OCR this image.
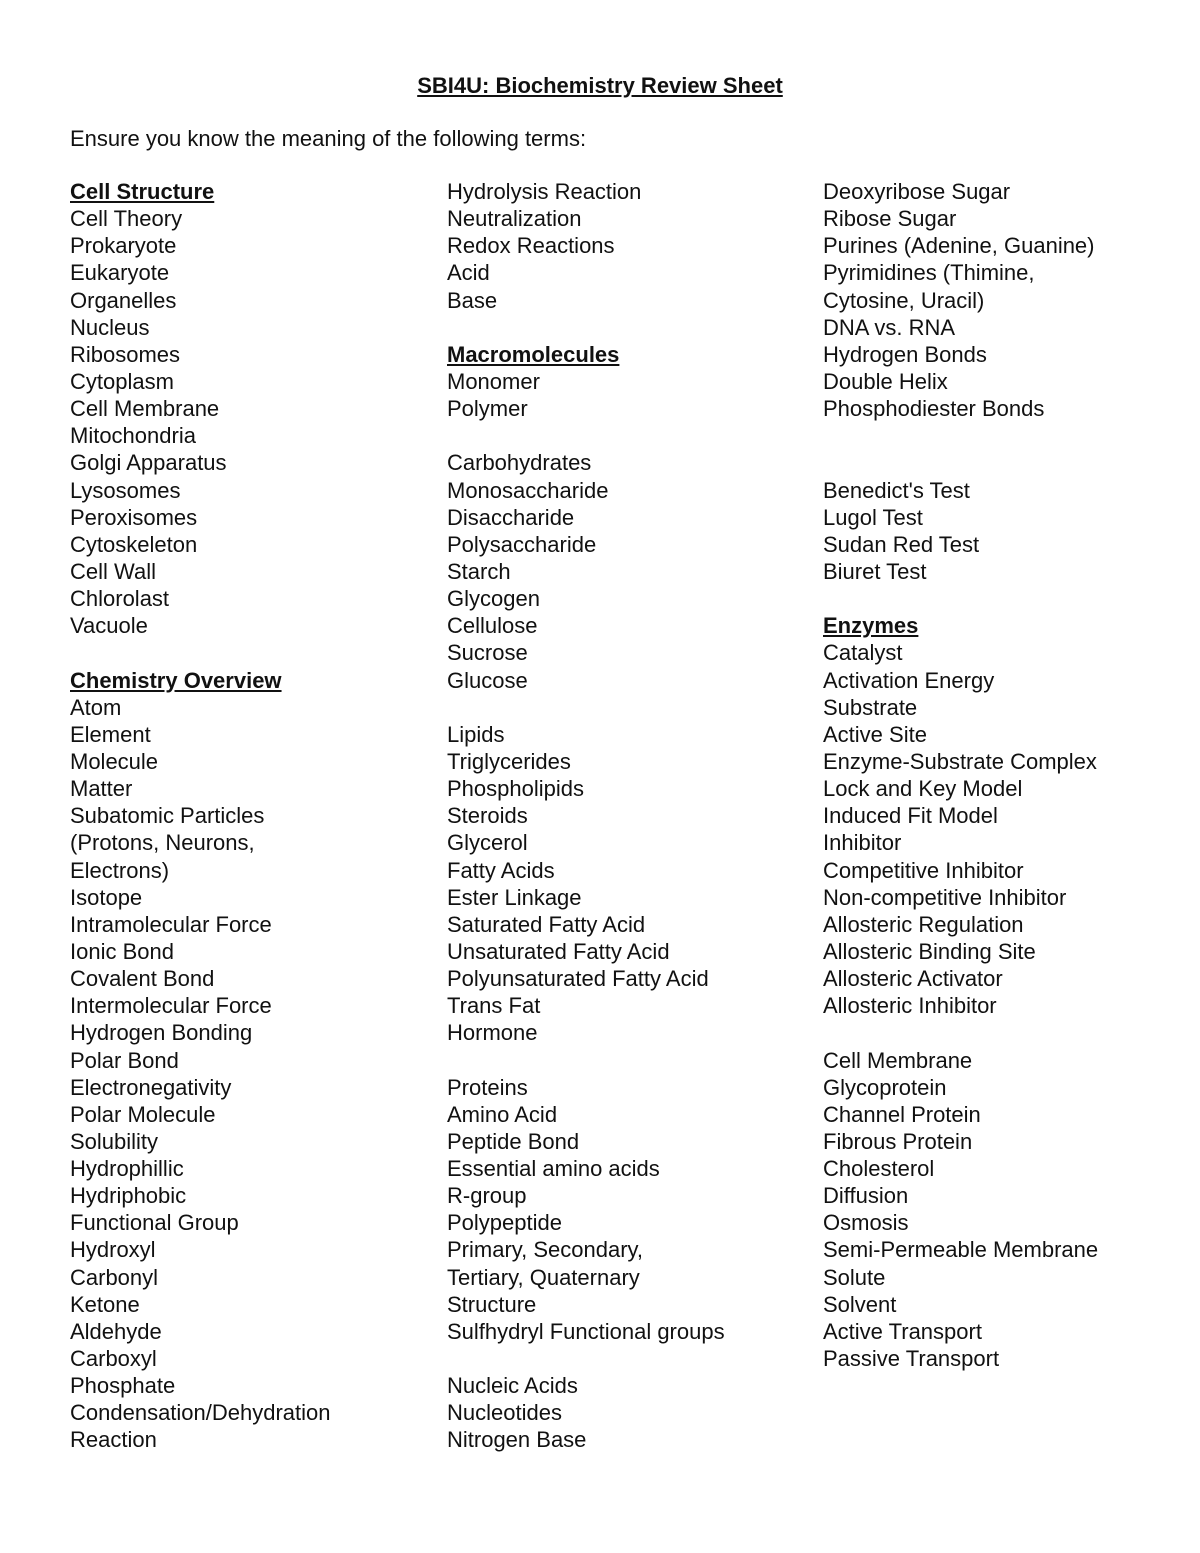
SBI4U: Biochemistry Review Sheet

Ensure you know the meaning of the following terms:

Cell Structure
Cell Theory
Prokaryote
Eukaryote
Organelles
Nucleus
Ribosomes
Cytoplasm
Cell Membrane
Mitochondria
Golgi Apparatus
Lysosomes
Peroxisomes
Cytoskeleton
Cell Wall
Chlorolast
Vacuole
Chemistry Overview
Atom
Element
Molecule
Matter
Subatomic Particles
(Protons, Neurons,
Electrons)
Isotope
Intramolecular Force
Ionic Bond
Covalent Bond
Intermolecular Force
Hydrogen Bonding
Polar Bond
Electronegativity
Polar Molecule
Solubility
Hydrophillic
Hydriphobic
Functional Group
Hydroxyl
Carbonyl
Ketone
Aldehyde
Carboxyl
Phosphate
Condensation/Dehydration
Reaction
Hydrolysis Reaction
Neutralization
Redox Reactions
Acid
Base
Macromolecules
Monomer
Polymer
Carbohydrates
Monosaccharide
Disaccharide
Polysaccharide
Starch
Glycogen
Cellulose
Sucrose
Glucose
Lipids
Triglycerides
Phospholipids
Steroids
Glycerol
Fatty Acids
Ester Linkage
Saturated Fatty Acid
Unsaturated Fatty Acid
Polyunsaturated Fatty Acid
Trans Fat
Hormone
Proteins
Amino Acid
Peptide Bond
Essential amino acids
R-group
Polypeptide
Primary, Secondary,
Tertiary, Quaternary
Structure
Sulfhydryl Functional groups
Nucleic Acids
Nucleotides
Nitrogen Base
Deoxyribose Sugar
Ribose Sugar
Purines (Adenine, Guanine)
Pyrimidines (Thimine,
Cytosine, Uracil)
DNA vs. RNA
Hydrogen Bonds
Double Helix
Phosphodiester Bonds
Benedict's Test
Lugol Test
Sudan Red Test
Biuret Test
Enzymes
Catalyst
Activation Energy
Substrate
Active Site
Enzyme-Substrate Complex
Lock and Key Model
Induced Fit Model
Inhibitor
Competitive Inhibitor
Non-competitive Inhibitor
Allosteric Regulation
Allosteric Binding Site
Allosteric Activator
Allosteric Inhibitor
Cell Membrane
Glycoprotein
Channel Protein
Fibrous Protein
Cholesterol
Diffusion
Osmosis
Semi-Permeable Membrane
Solute
Solvent
Active Transport
Passive Transport
